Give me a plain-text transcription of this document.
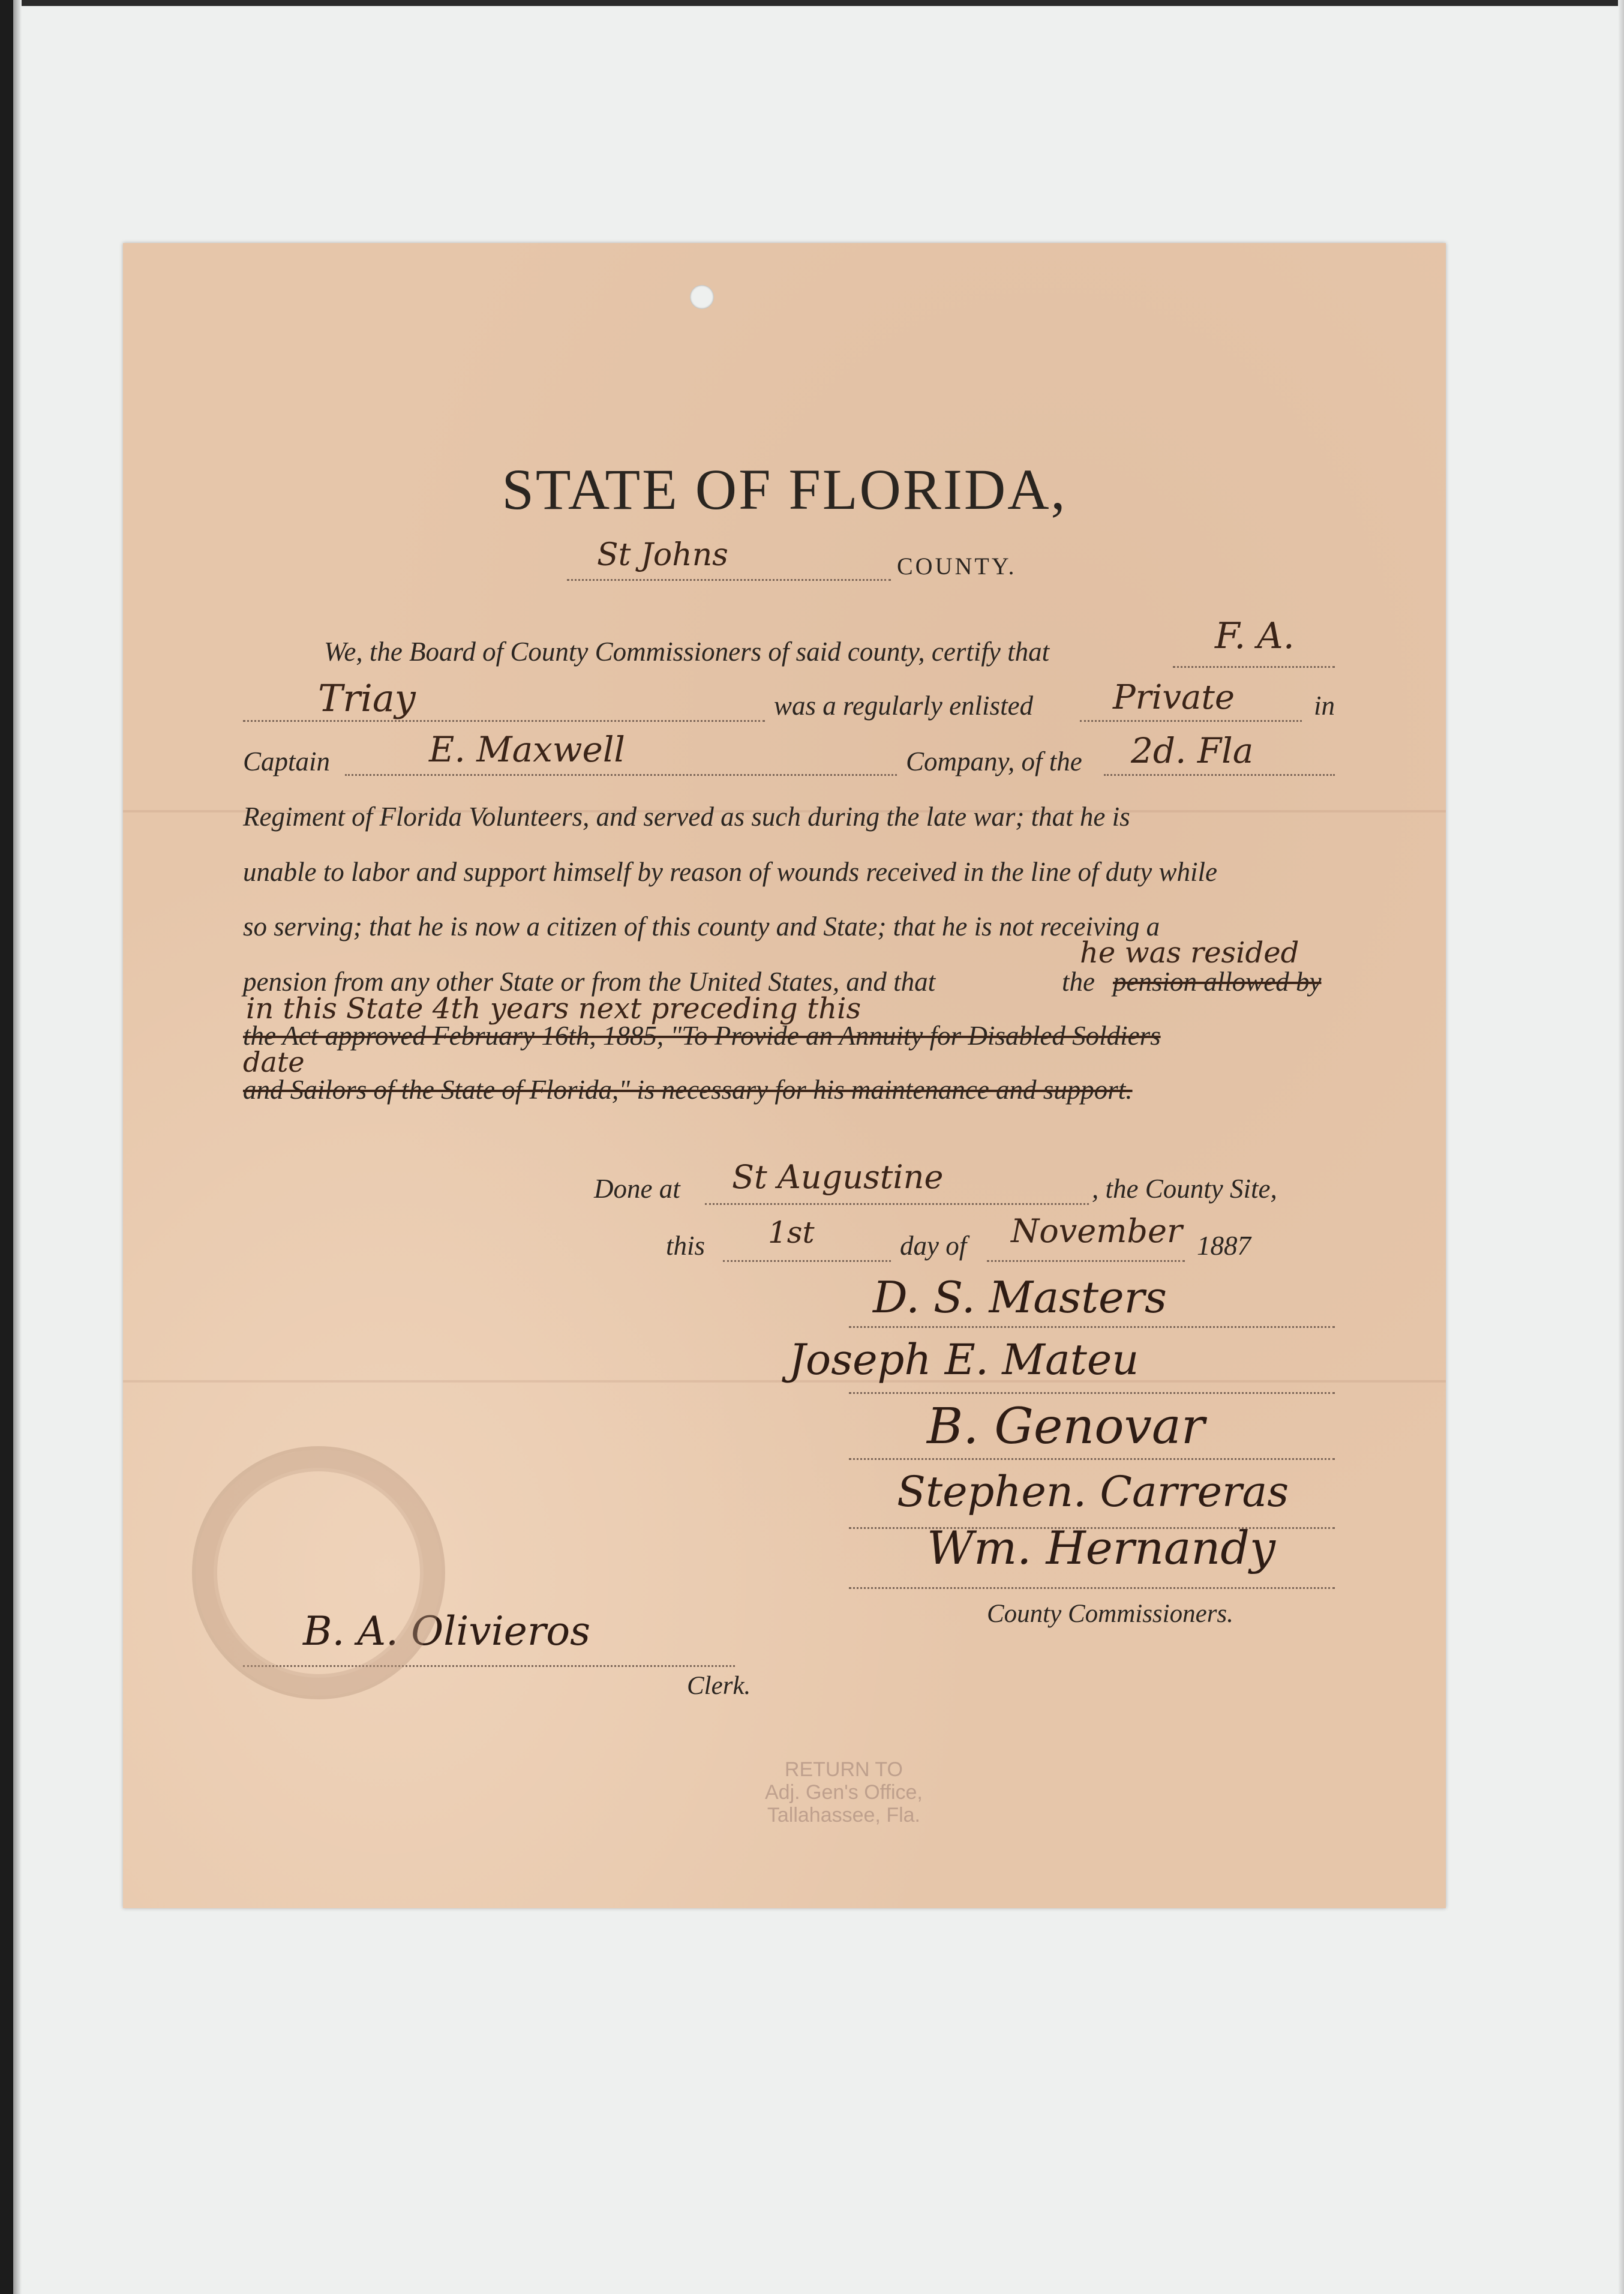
STATE OF FLORIDA,
St Johns	COUNTY.
We, the Board of County Commissioners of said county, certify that	F. A.
Triay	was a regularly enlisted Private	in
Captain	E. Maxwell	Company, of the 2d. Fla
Regiment of Florida Volunteers, and served as such during the late war; that he is
unable to labor and support himself by reason of wounds received in the line of duty while
so serving; that he is now a citizen of this county and State; that he is not receiving a
pension from any other State or from the United States, and that	the pension allowed by
he was resided
the Act approved February 16th, 1885, "To Provide an Annuity for Disabled Soldiers
in this State 4th years next preceding this
date
and Sailors of the State of Florida," is necessary for his maintenance and support.
Done at St Augustine	, the County Site,
this 1st	day of November 1887
D. S. Masters
Joseph E. Mateu
B. Genovar
Stephen. Carreras
Wm. Hernandy
County Commissioners.
B. A. Olivieros
Clerk.
RETURN TO
Adj. Gen's Office,
Tallahassee, Fla.
